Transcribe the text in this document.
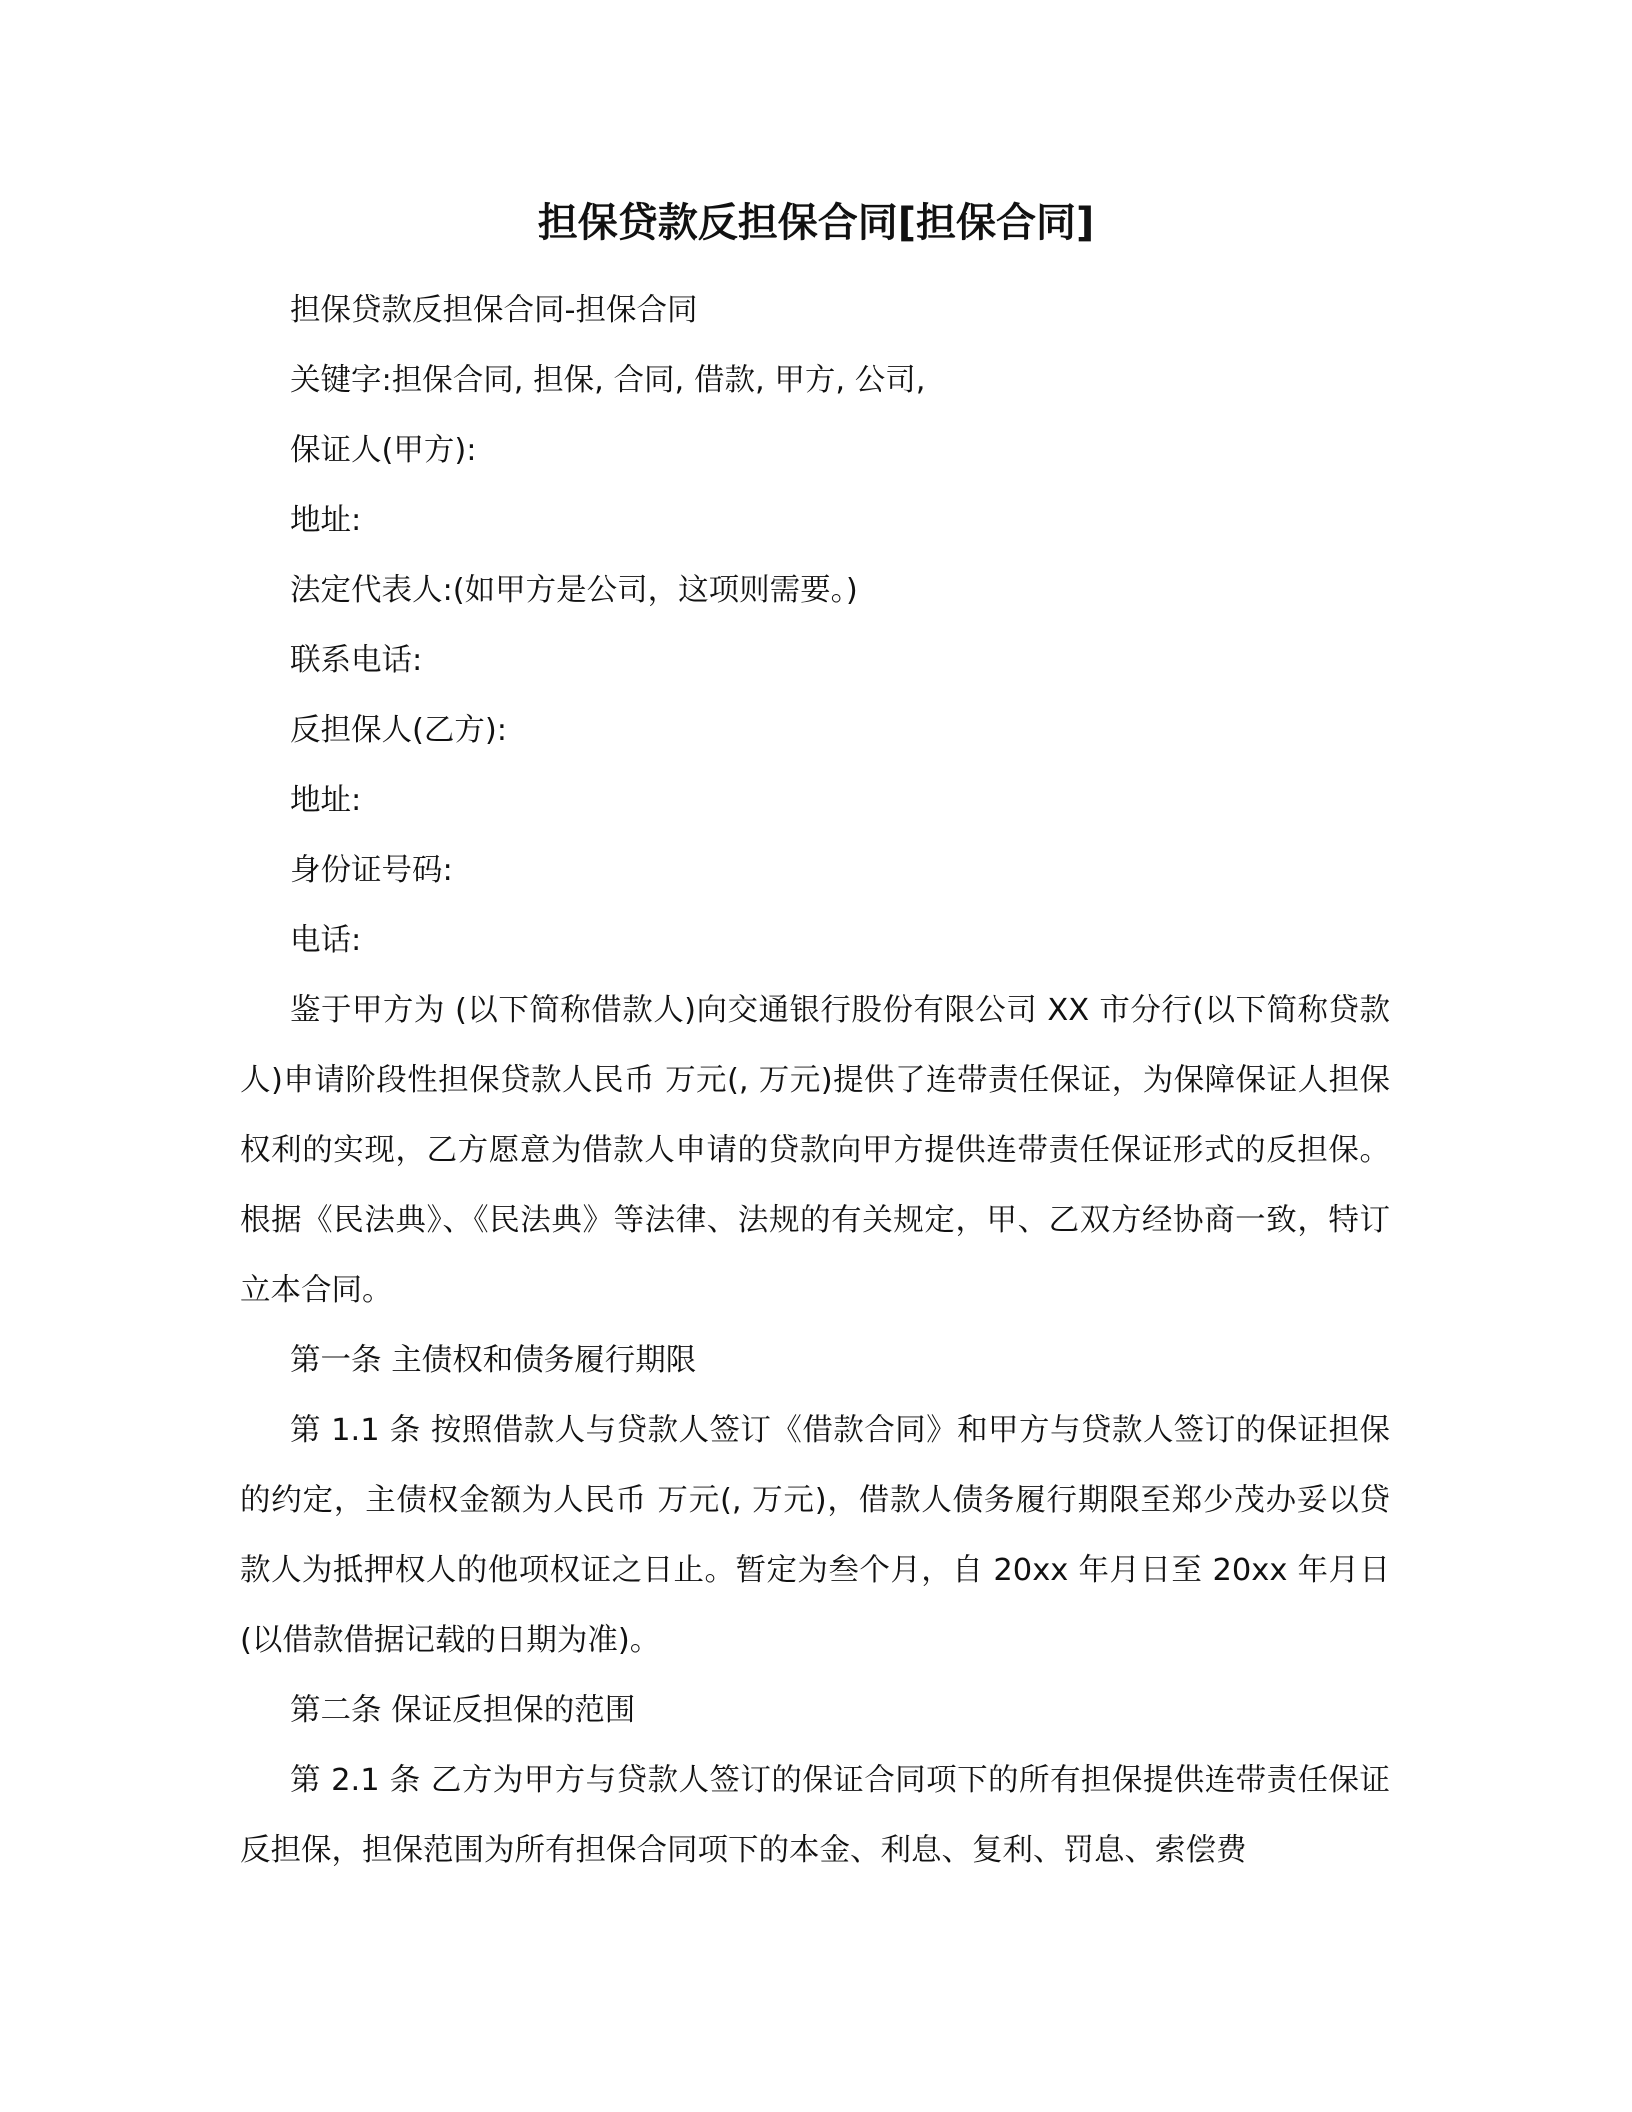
担保贷款反担保合同[担保合同]

担保贷款反担保合同-担保合同

关键字:担保合同, 担保, 合同, 借款, 甲方, 公司,

保证人(甲方):

地址:

法定代表人:(如甲方是公司，这项则需要。)

联系电话:

反担保人(乙方):

地址:

身份证号码:

电话:

鉴于甲方为 (以下简称借款人)向交通银行股份有限公司 XX 市分行(以下简称贷款人)申请阶段性担保贷款人民币 万元(, 万元)提供了连带责任保证，为保障保证人担保权利的实现，乙方愿意为借款人申请的贷款向甲方提供连带责任保证形式的反担保。根据《民法典》、《民法典》等法律、法规的有关规定，甲、乙双方经协商一致，特订立本合同。

第一条 主债权和债务履行期限

第 1.1 条 按照借款人与贷款人签订《借款合同》和甲方与贷款人签订的保证担保的约定，主债权金额为人民币 万元(, 万元)，借款人债务履行期限至郑少茂办妥以贷款人为抵押权人的他项权证之日止。暂定为叁个月，自 20xx 年月日至 20xx 年月日(以借款借据记载的日期为准)。

第二条 保证反担保的范围

第 2.1 条 乙方为甲方与贷款人签订的保证合同项下的所有担保提供连带责任保证反担保，担保范围为所有担保合同项下的本金、利息、复利、罚息、索偿费
